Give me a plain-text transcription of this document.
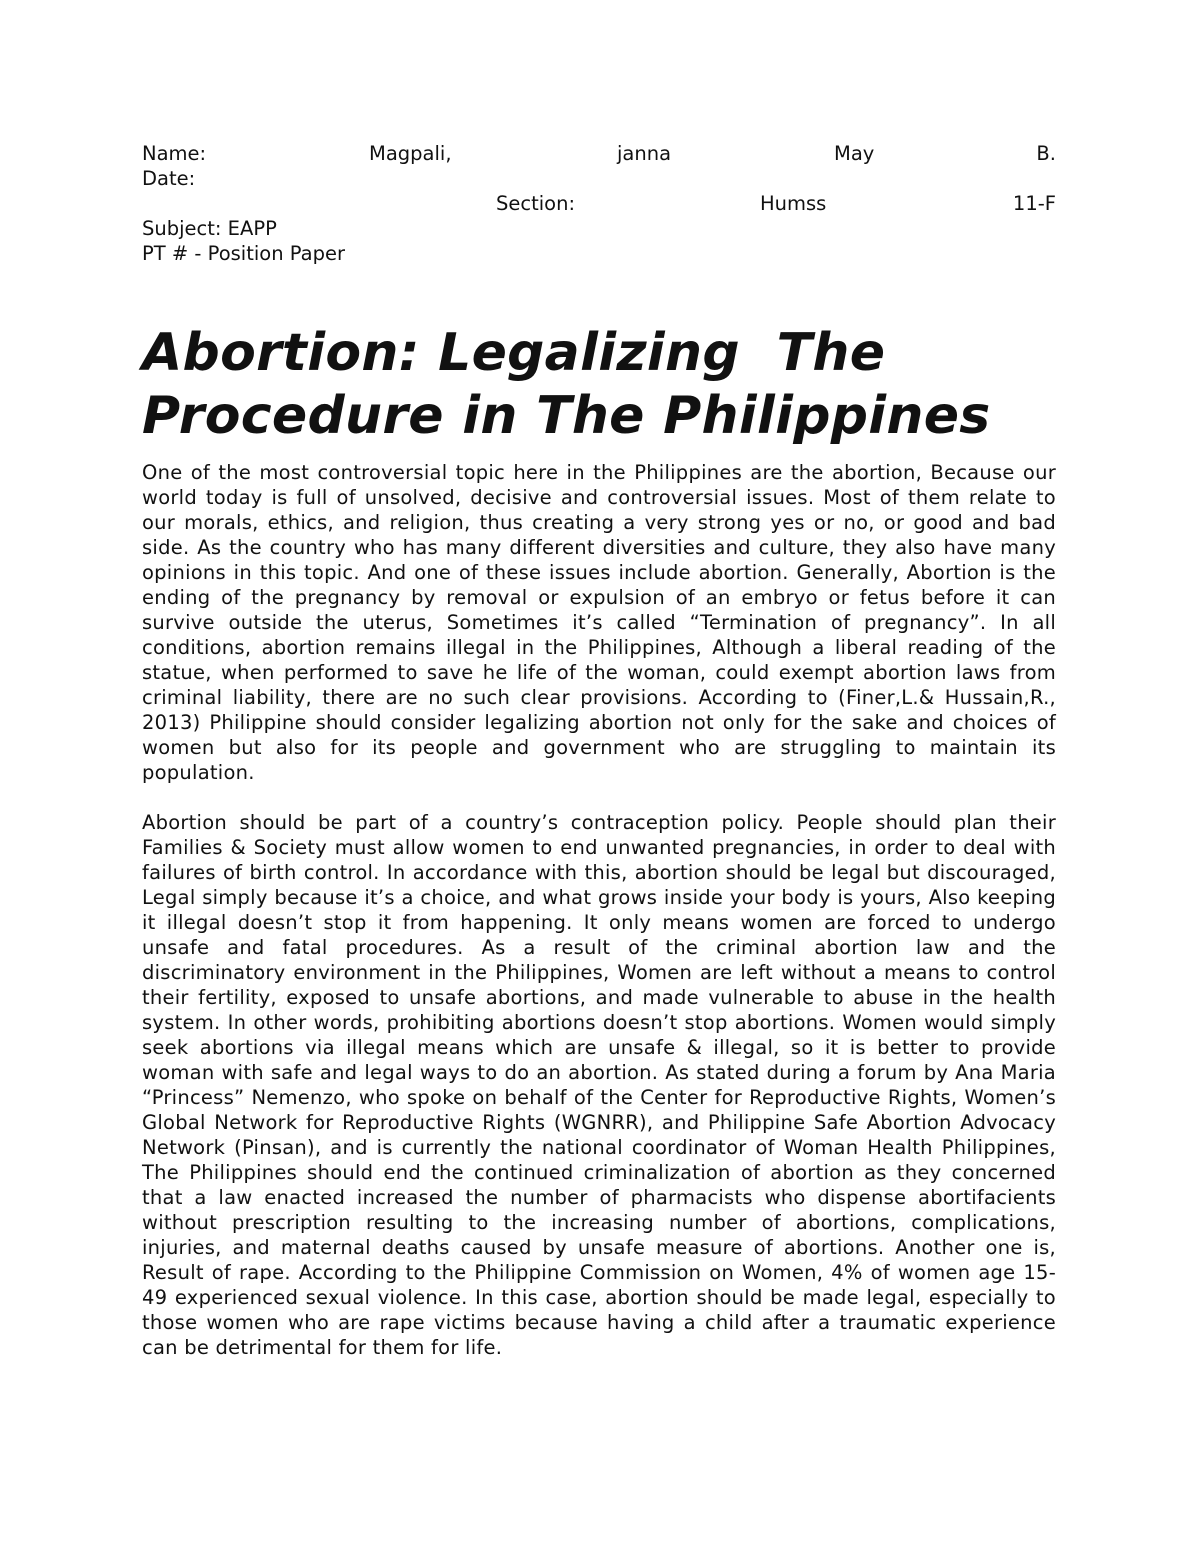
Name:	Magpali,	janna	May	B.
Date:
Section:	Humss	11-F
Subject: EAPP
PT # - Position Paper
Abortion: Legalizing  The
Procedure in The Philippines

One of the most controversial topic here in the Philippines are the abortion, Because our world today is full of unsolved, decisive and controversial issues. Most of them relate to our morals, ethics, and religion, thus creating a very strong yes or no, or good and bad side. As the country who has many different diversities and culture, they also have many opinions in this topic. And one of these issues include abortion. Generally, Abortion is the ending of the pregnancy by removal or expulsion of an embryo or fetus before it can survive outside the uterus, Sometimes it’s called “Termination of pregnancy”. In all conditions, abortion remains illegal in the Philippines, Although a liberal reading of the statue, when performed to save he life of the woman, could exempt abortion laws from criminal liability, there are no such clear provisions. According to (Finer,L.& Hussain,R., 2013) Philippine should consider legalizing abortion not only for the sake and choices of women but also for its people and government who are struggling to maintain its population.

Abortion should be part of a country’s contraception policy. People should plan their Families & Society must allow women to end unwanted pregnancies, in order to deal with failures of birth control. In accordance with this, abortion should be legal but discouraged, Legal simply because it’s a choice, and what grows inside your body is yours, Also keeping it illegal doesn’t stop it from happening. It only means women are forced to undergo unsafe and fatal procedures. As a result of the criminal abortion law and the discriminatory environment in the Philippines, Women are left without a means to control their fertility, exposed to unsafe abortions, and made vulnerable to abuse in the health system. In other words, prohibiting abortions doesn’t stop abortions. Women would simply seek abortions via illegal means which are unsafe & illegal, so it is better to provide woman with safe and legal ways to do an abortion. As stated during a forum by Ana Maria “Princess” Nemenzo, who spoke on behalf of the Center for Reproductive Rights, Women’s Global Network for Reproductive Rights (WGNRR), and Philippine Safe Abortion Advocacy Network (Pinsan), and is currently the national coordinator of Woman Health Philippines, The Philippines should end the continued criminalization of abortion as they concerned that a law enacted increased the number of pharmacists who dispense abortifacients without prescription resulting to the increasing number of abortions, complications, injuries, and maternal deaths caused by unsafe measure of abortions. Another one is, Result of rape. According to the Philippine Commission on Women, 4% of women age 15-49 experienced sexual violence. In this case, abortion should be made legal, especially to those women who are rape victims because having a child after a traumatic experience can be detrimental for them for life.
